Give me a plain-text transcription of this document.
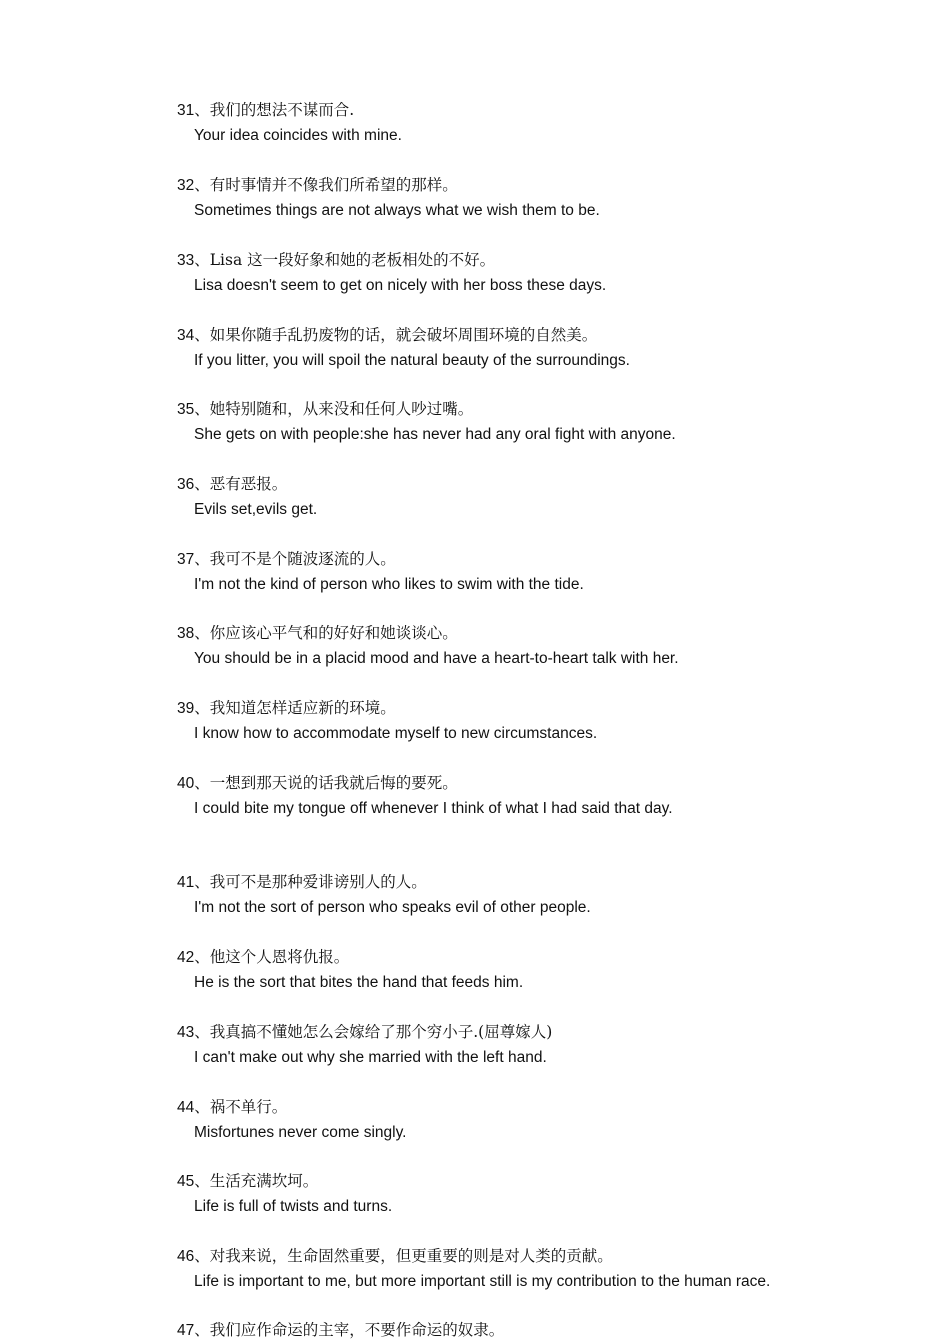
31、我们的想法不谋而合.
Your idea coincides with mine.
32、有时事情并不像我们所希望的那样。
Sometimes things are not always what we wish them to be.
33、Lisa 这一段好象和她的老板相处的不好。
Lisa doesn't seem to get on nicely with her boss these days.
34、如果你随手乱扔废物的话，就会破坏周围环境的自然美。
If you litter, you will spoil the natural beauty of the surroundings.
35、她特别随和，从来没和任何人吵过嘴。
She gets on with people:she has never had any oral fight with anyone.
36、恶有恶报。
Evils set,evils get.
37、我可不是个随波逐流的人。
I'm not the kind of person who likes to swim with the tide.
38、你应该心平气和的好好和她谈谈心。
You should be in a placid mood and have a heart-to-heart talk with her.
39、我知道怎样适应新的环境。
I know how to accommodate myself to new circumstances.
40、一想到那天说的话我就后悔的要死。
I could bite my tongue off whenever I think of what I had said that day.
41、我可不是那种爱诽谤别人的人。
I'm not the sort of person who speaks evil of other people.
42、他这个人恩将仇报。
He is the sort that bites the hand that feeds him.
43、我真搞不懂她怎么会嫁给了那个穷小子.(屈尊嫁人)
I can't make out why she married with the left hand.
44、祸不单行。
Misfortunes never come singly.
45、生活充满坎坷。
Life is full of twists and turns.
46、对我来说，生命固然重要，但更重要的则是对人类的贡献。
Life is important to me, but more important still is my contribution to the human race.
47、我们应作命运的主宰，不要作命运的奴隶。
